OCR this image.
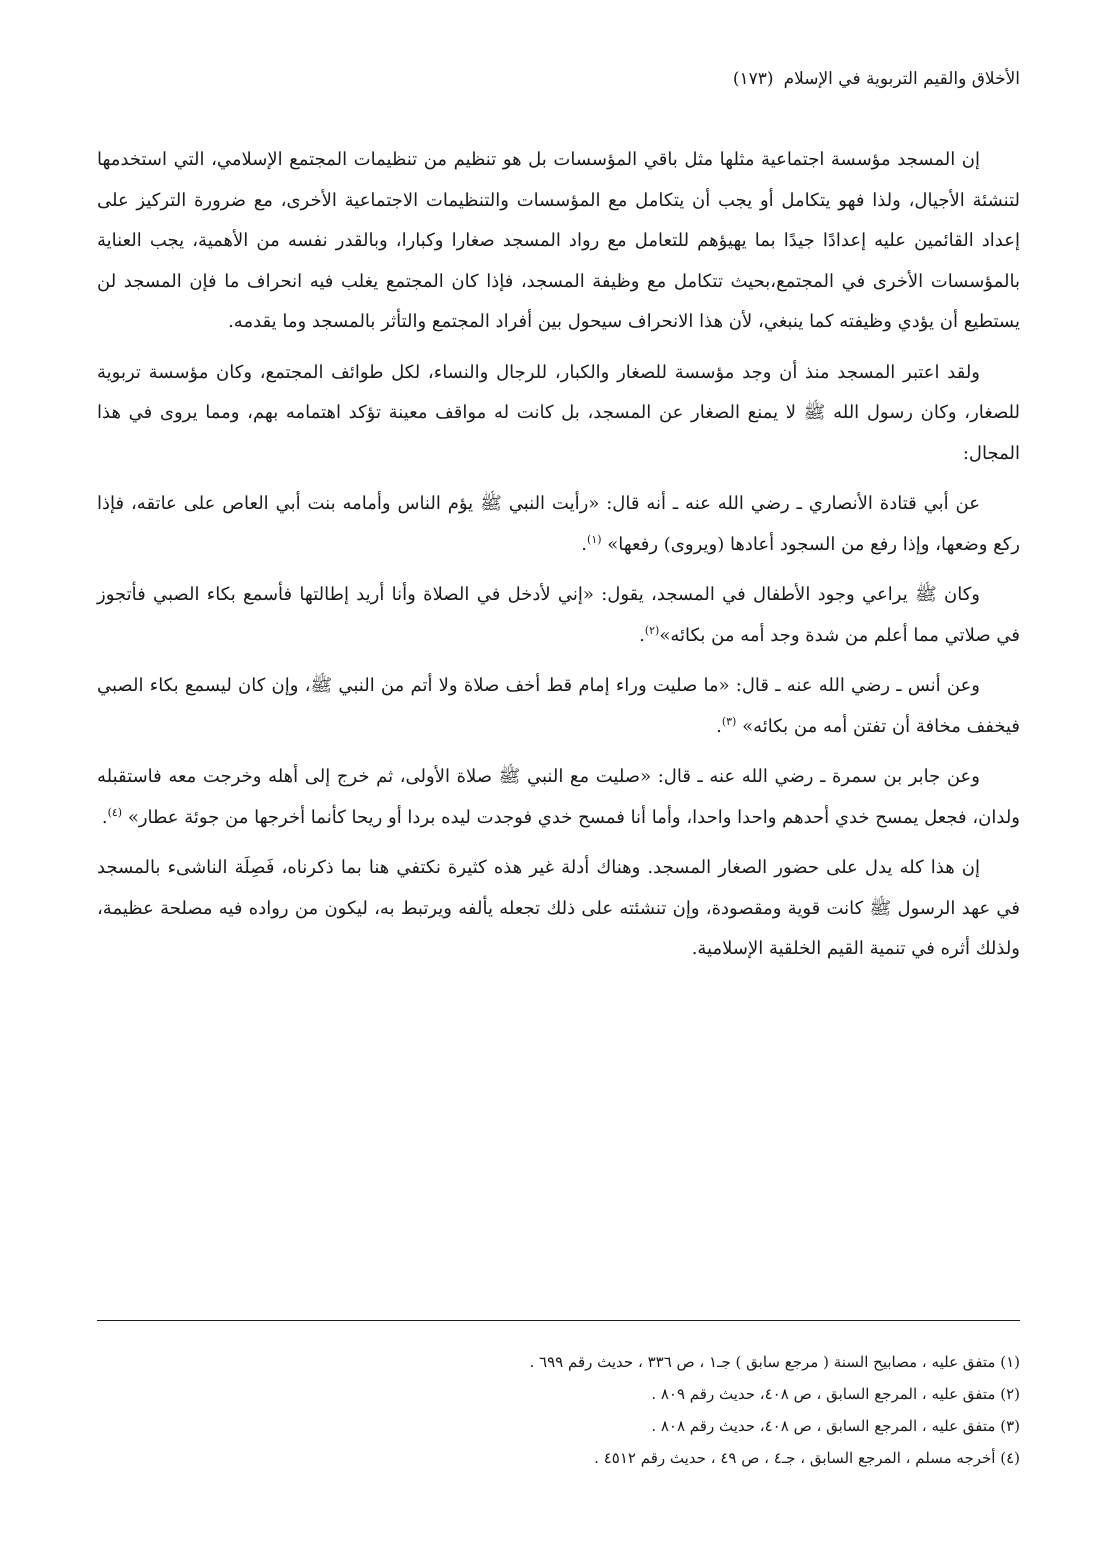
الأخلاق والقيم التربوية في الإسلام(١٧٣)

إن المسجد مؤسسة اجتماعية مثلها مثل باقي المؤسسات بل هو تنظيم من تنظيمات المجتمع الإسلامي، التي استخدمها لتنشئة الأجيال، ولذا فهو يتكامل أو يجب أن يتكامل مع المؤسسات والتنظيمات الاجتماعية الأخرى، مع ضرورة التركيز على إعداد القائمين عليه إعدادًا جيدًا بما يهيؤهم للتعامل مع رواد المسجد صغارا وكبارا، وبالقدر نفسه من الأهمية، يجب العناية بالمؤسسات الأخرى في المجتمع،بحيث تتكامل مع وظيفة المسجد، فإذا كان المجتمع يغلب فيه انحراف ما فإن المسجد لن يستطيع أن يؤدي وظيفته كما ينبغي، لأن هذا الانحراف سيحول بين أفراد المجتمع والتأثر بالمسجد وما يقدمه.

ولقد اعتبر المسجد منذ أن وجد مؤسسة للصغار والكبار، للرجال والنساء، لكل طوائف المجتمع، وكان مؤسسة تربوية للصغار، وكان رسول الله ﷺ لا يمنع الصغار عن المسجد، بل كانت له مواقف معينة تؤكد اهتمامه بهم، ومما يروى في هذا المجال:

عن أبي قتادة الأنصاري ـ رضي الله عنه ـ أنه قال: «رأيت النبي ﷺ يؤم الناس وأمامه بنت أبي العاص على عاتقه، فإذا ركع وضعها، وإذا رفع من السجود أعادها (ويروى) رفعها» $^{(١)}$.

وكان ﷺ يراعي وجود الأطفال في المسجد، يقول: «إني لأدخل في الصلاة وأنا أريد إطالتها فأسمع بكاء الصبي فأتجوز في صلاتي مما أعلم من شدة وجد أمه من بكائه»$^{(٢)}$.

وعن أنس ـ رضي الله عنه ـ قال: «ما صليت وراء إمام قط أخف صلاة ولا أتم من النبي ﷺ، وإن كان ليسمع بكاء الصبي فيخفف مخافة أن تفتن أمه من بكائه» $^{(٣)}$.

وعن جابر بن سمرة ـ رضي الله عنه ـ قال: «صليت مع النبي ﷺ صلاة الأولى، ثم خرج إلى أهله وخرجت معه فاستقبله ولدان، فجعل يمسح خدي أحدهم واحدا واحدا، وأما أنا فمسح خدي فوجدت ليده بردا أو ريحا كأنما أخرجها من جوئة عطار» $^{(٤)}$.

إن هذا كله يدل على حضور الصغار المسجد. وهناك أدلة غير هذه كثيرة نكتفي هنا بما ذكرناه، فَصِلَة الناشىء بالمسجد في عهد الرسول ﷺ كانت قوية ومقصودة، وإن تنشئته على ذلك تجعله يألفه ويرتبط به، ليكون من رواده فيه مصلحة عظيمة، ولذلك أثره في تنمية القيم الخلقية الإسلامية.

(١) متفق عليه ، مصابيح السنة ( مرجع سابق ) جـ١ ، ص ٣٣٦ ، حديث رقم ٦٩٩ .
(٢) متفق عليه ، المرجع السابق ، ص ٤٠٨، حديث رقم ٨٠٩ .
(٣) متفق عليه ، المرجع السابق ، ص ٤٠٨، حديث رقم ٨٠٨ .
(٤) أخرجه مسلم ، المرجع السابق ، جـ٤ ، ص ٤٩ ، حديث رقم ٤٥١٢ .
